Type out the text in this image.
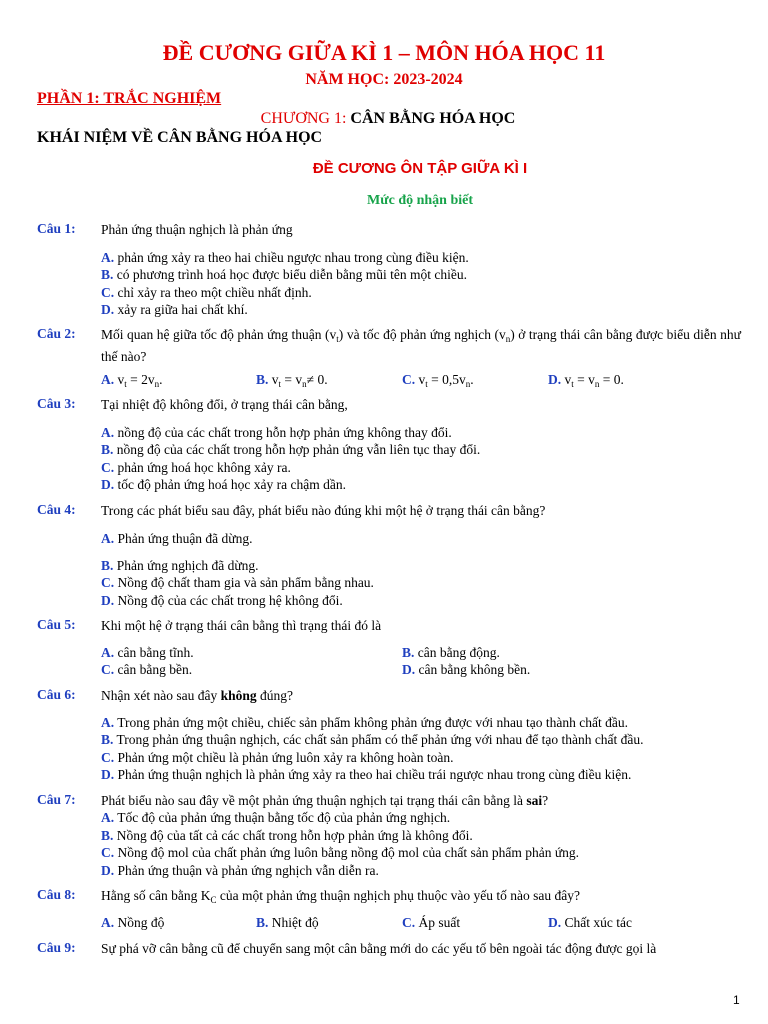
ĐỀ CƯƠNG GIỮA KÌ 1 – MÔN HÓA HỌC 11
NĂM HỌC: 2023-2024
PHẦN 1: TRẮC NGHIỆM
CHƯƠNG 1: CÂN BẰNG HÓA HỌC
KHÁI NIỆM VỀ CÂN BẰNG HÓA HỌC
ĐỀ CƯƠNG ÔN TẬP GIỮA KÌ I
Mức độ nhận biết
Câu 1: Phản ứng thuận nghịch là phản ứng
A. phản ứng xảy ra theo hai chiều ngược nhau trong cùng điều kiện.
B. có phương trình hoá học được biểu diễn bằng mũi tên một chiều.
C. chỉ xảy ra theo một chiều nhất định.
D. xảy ra giữa hai chất khí.
Câu 2: Mối quan hệ giữa tốc độ phản ứng thuận $(v_t)$ và tốc độ phản ứng nghịch $(v_n)$ ở trạng thái cân bằng được biểu diễn như thế nào?
A. $v_t = 2v_n$.	B. $v_t = v_n\ne 0$.	C. $v_t = 0,5v_n$.	D. $v_t = v_n = 0$.
Câu 3: Tại nhiệt độ không đổi, ở trạng thái cân bằng,
A. nồng độ của các chất trong hỗn hợp phản ứng không thay đổi.
B. nồng độ của các chất trong hỗn hợp phản ứng vẫn liên tục thay đổi.
C. phản ứng hoá học không xảy ra.
D. tốc độ phản ứng hoá học xảy ra chậm dần.
Câu 4: Trong các phát biểu sau đây, phát biểu nào đúng khi một hệ ở trạng thái cân bằng?
A. Phản ứng thuận đã dừng.
B. Phản ứng nghịch đã dừng.
C. Nồng độ chất tham gia và sản phẩm bằng nhau.
D. Nồng độ của các chất trong hệ không đổi.
Câu 5: Khi một hệ ở trạng thái cân bằng thì trạng thái đó là
A. cân bằng tĩnh.	B. cân bằng động.
C. cân bằng bền.	D. cân bằng không bền.
Câu 6: Nhận xét nào sau đây không đúng?
A. Trong phản ứng một chiều, chiếc sản phẩm không phản ứng được với nhau tạo thành chất đầu.
B. Trong phản ứng thuận nghịch, các chất sản phẩm có thể phản ứng với nhau để tạo thành chất đầu.
C. Phản ứng một chiều là phản ứng luôn xảy ra không hoàn toàn.
D. Phản ứng thuận nghịch là phản ứng xảy ra theo hai chiều trái ngược nhau trong cùng điều kiện.
Câu 7: Phát biểu nào sau đây về một phản ứng thuận nghịch tại trạng thái cân bằng là sai?
A. Tốc độ của phản ứng thuận bằng tốc độ của phản ứng nghịch.
B. Nồng độ của tất cả các chất trong hỗn hợp phản ứng là không đổi.
C. Nồng độ mol của chất phản ứng luôn bằng nồng độ mol của chất sản phẩm phản ứng.
D. Phản ứng thuận và phản ứng nghịch vẫn diễn ra.
Câu 8: Hằng số cân bằng $K_C$ của một phản ứng thuận nghịch phụ thuộc vào yếu tố nào sau đây?
A. Nồng độ	B. Nhiệt độ	C. Áp suất	D. Chất xúc tác
Câu 9: Sự phá vỡ cân bằng cũ để chuyển sang một cân bằng mới do các yếu tố bên ngoài tác động được gọi là
1
